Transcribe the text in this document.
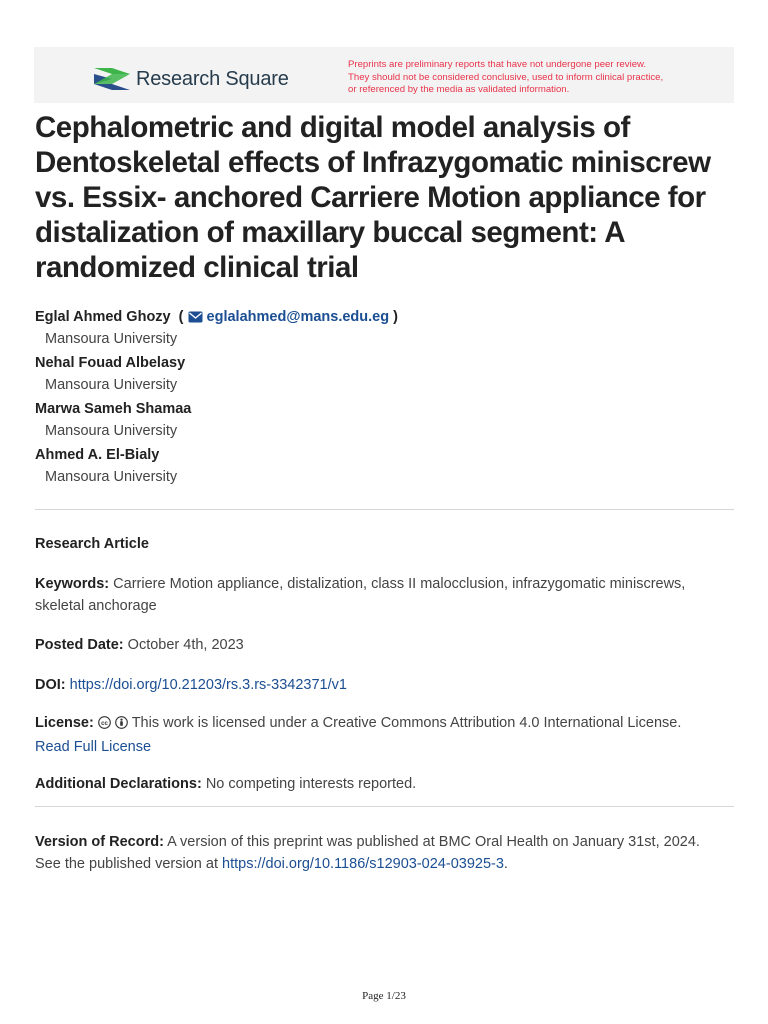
Research Square
Preprints are preliminary reports that have not undergone peer review.
They should not be considered conclusive, used to inform clinical practice,
or referenced by the media as validated information.
Cephalometric and digital model analysis of
Dentoskeletal effects of Infrazygomatic miniscrew
vs. Essix- anchored Carriere Motion appliance for
distalization of maxillary buccal segment: A
randomized clinical trial
Eglal Ahmed Ghozy  ( eglalahmed@mans.edu.eg )
Mansoura University
Nehal Fouad Albelasy
Mansoura University
Marwa Sameh Shamaa
Mansoura University
Ahmed A. El-Bialy
Mansoura University
Research Article
Keywords: Carriere Motion appliance, distalization, class II malocclusion, infrazygomatic miniscrews,
skeletal anchorage
Posted Date: October 4th, 2023
DOI: https://doi.org/10.21203/rs.3.rs-3342371/v1
License: cc This work is licensed under a Creative Commons Attribution 4.0 International License.
Read Full License
Additional Declarations: No competing interests reported.
Version of Record: A version of this preprint was published at BMC Oral Health on January 31st, 2024.
See the published version at https://doi.org/10.1186/s12903-024-03925-3.
Page 1/23
